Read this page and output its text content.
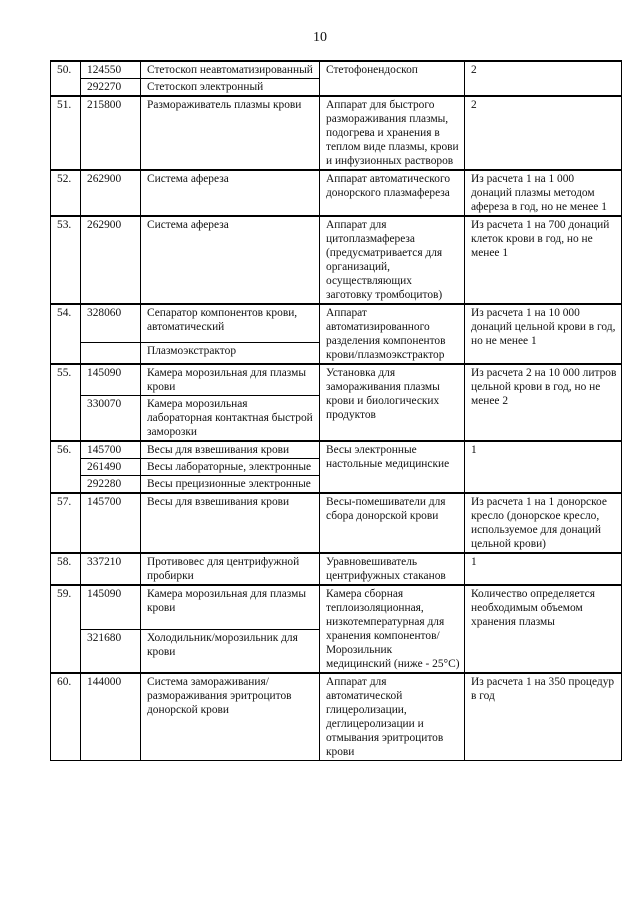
10
50.	124550	Стетоскоп неавтоматизированный	Стетофонендоскоп	2
	292270	Стетоскоп электронный		
51.	215800	Размораживатель плазмы крови	Аппарат для быстрого размораживания плазмы, подогрева и хранения в теплом виде плазмы, крови и инфузионных растворов	2
52.	262900	Система афереза	Аппарат автоматического донорского плазмафереза	Из расчета 1 на 1 000 донаций плазмы методом афереза в год, но не менее 1
53.	262900	Система афереза	Аппарат для цитоплазмафереза (предусматривается для организаций, осуществляющих заготовку тромбоцитов)	Из расчета 1 на 700 донаций клеток крови в год, но не менее 1
54.	328060	Сепаратор компонентов крови, автоматический	Аппарат автоматизированного разделения компонентов крови/плазмоэкстрактор	Из расчета 1 на 10 000 донаций цельной крови в год, но не менее 1
		Плазмоэкстрактор		
55.	145090	Камера морозильная для плазмы крови	Установка для замораживания плазмы крови и биологических продуктов	Из расчета 2 на 10 000 литров цельной крови в год, но не менее 2
	330070	Камера морозильная лабораторная контактная быстрой заморозки		
56.	145700	Весы для взвешивания крови	Весы электронные настольные медицинские	1
	261490	Весы лабораторные, электронные		
	292280	Весы прецизионные электронные		
57.	145700	Весы для взвешивания крови	Весы-помешиватели для сбора донорской крови	Из расчета 1 на 1 донорское кресло (донорское кресло, используемое для донаций цельной крови)
58.	337210	Противовес для центрифужной пробирки	Уравновешиватель центрифужных стаканов	1
59.	145090	Камера морозильная для плазмы крови	Камера сборная теплоизоляционная, низкотемпературная для хранения компонентов/ Морозильник медицинский (ниже - 25°С)	Количество определяется необходимым объемом хранения плазмы
	321680	Холодильник/морозильник для крови		
60.	144000	Система замораживания/ размораживания эритроцитов донорской крови	Аппарат для автоматической глицеролизации, деглицеролизации и отмывания эритроцитов крови	Из расчета 1 на 350 процедур в год
